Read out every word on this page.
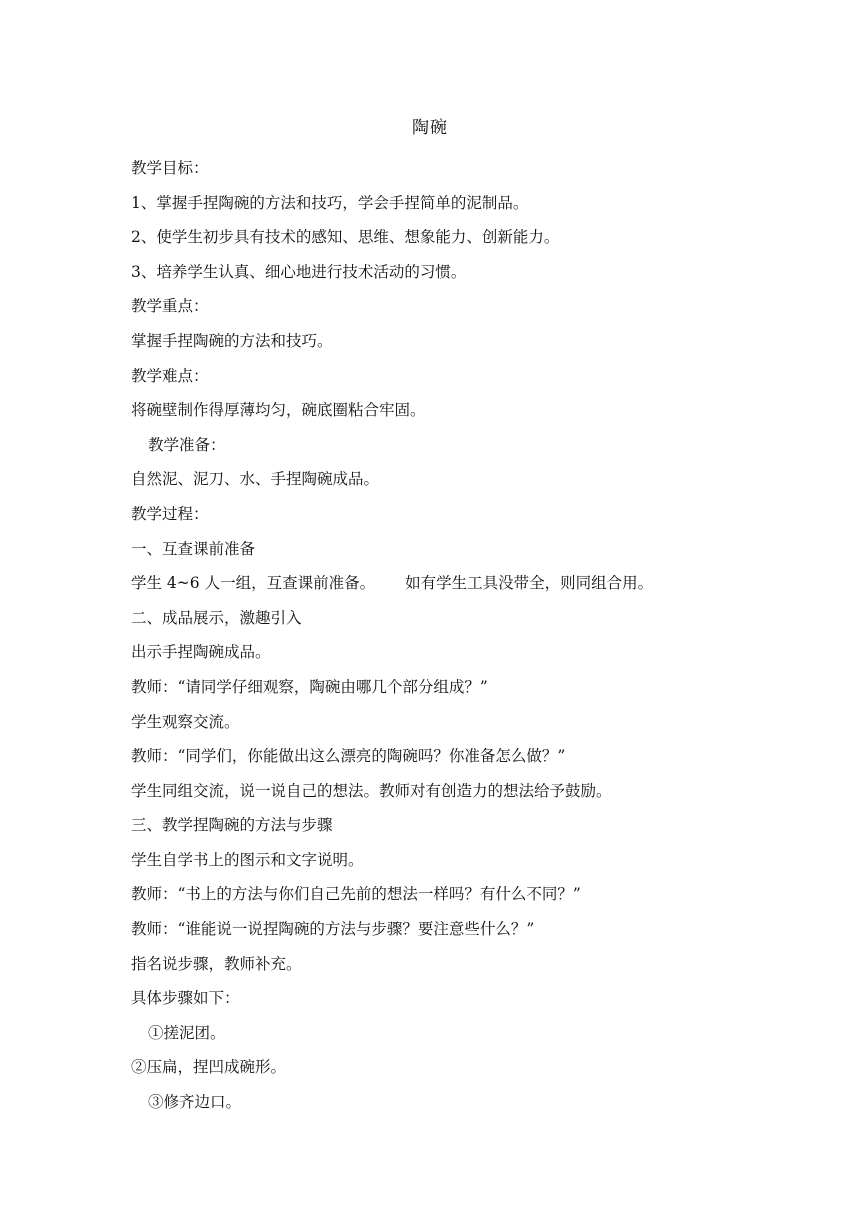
陶碗
教学目标：
1、掌握手捏陶碗的方法和技巧，学会手捏简单的泥制品。
2、使学生初步具有技术的感知、思维、想象能力、创新能力。
3、培养学生认真、细心地进行技术活动的习惯。
教学重点：
掌握手捏陶碗的方法和技巧。
教学难点：
将碗壁制作得厚薄均匀，碗底圈粘合牢固。
教学准备：
自然泥、泥刀、水、手捏陶碗成品。
教学过程：
一、互查课前准备
学生 4~6 人一组，互查课前准备。 如有学生工具没带全，则同组合用。
二、成品展示，激趣引入
出示手捏陶碗成品。
教师：“请同学仔细观察，陶碗由哪几个部分组成？”
学生观察交流。
教师：“同学们，你能做出这么漂亮的陶碗吗？你准备怎么做？”
学生同组交流，说一说自己的想法。教师对有创造力的想法给予鼓励。
三、教学捏陶碗的方法与步骤
学生自学书上的图示和文字说明。
教师：“书上的方法与你们自己先前的想法一样吗？有什么不同？”
教师：“谁能说一说捏陶碗的方法与步骤？要注意些什么？”
指名说步骤，教师补充。
具体步骤如下：
①搓泥团。
②压扁，捏凹成碗形。
③修齐边口。
